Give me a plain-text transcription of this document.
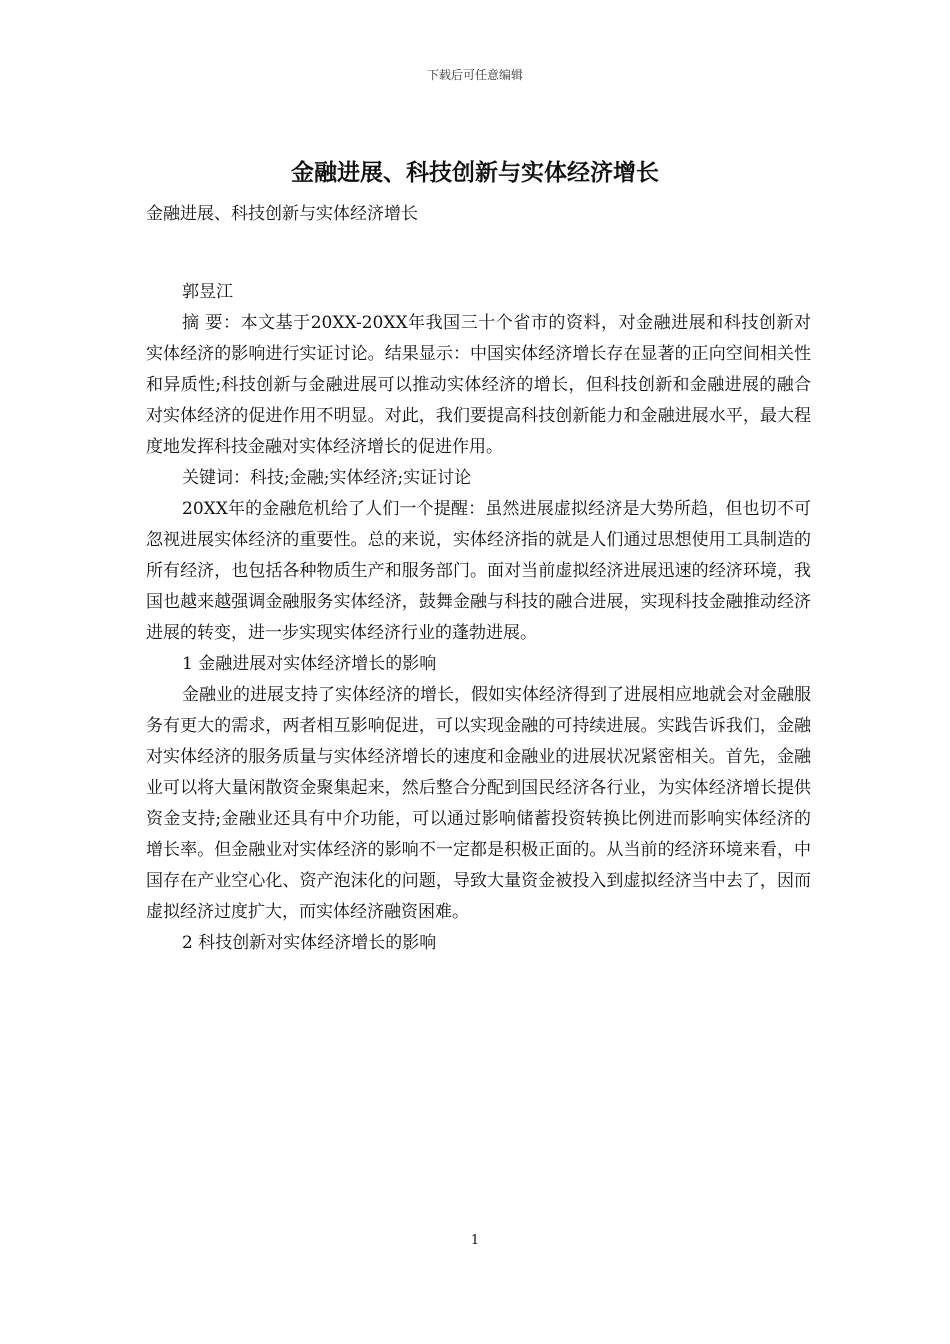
下载后可任意编辑
金融进展、科技创新与实体经济增长

金融进展、科技创新与实体经济增长

郭昱江

摘 要：本文基于20XX-20XX年我国三十个省市的资料，对金融进展和科技创新对实体经济的影响进行实证讨论。结果显示：中国实体经济增长存在显著的正向空间相关性和异质性;科技创新与金融进展可以推动实体经济的增长，但科技创新和金融进展的融合对实体经济的促进作用不明显。对此，我们要提高科技创新能力和金融进展水平，最大程度地发挥科技金融对实体经济增长的促进作用。

关键词：科技;金融;实体经济;实证讨论

20XX年的金融危机给了人们一个提醒：虽然进展虚拟经济是大势所趋，但也切不可忽视进展实体经济的重要性。总的来说，实体经济指的就是人们通过思想使用工具制造的所有经济，也包括各种物质生产和服务部门。面对当前虚拟经济进展迅速的经济环境，我国也越来越强调金融服务实体经济，鼓舞金融与科技的融合进展，实现科技金融推动经济进展的转变，进一步实现实体经济行业的蓬勃进展。

1 金融进展对实体经济增长的影响

金融业的进展支持了实体经济的增长，假如实体经济得到了进展相应地就会对金融服务有更大的需求，两者相互影响促进，可以实现金融的可持续进展。实践告诉我们，金融对实体经济的服务质量与实体经济增长的速度和金融业的进展状况紧密相关。首先，金融业可以将大量闲散资金聚集起来，然后整合分配到国民经济各行业，为实体经济增长提供资金支持;金融业还具有中介功能，可以通过影响储蓄投资转换比例进而影响实体经济的增长率。但金融业对实体经济的影响不一定都是积极正面的。从当前的经济环境来看，中国存在产业空心化、资产泡沫化的问题，导致大量资金被投入到虚拟经济当中去了，因而虚拟经济过度扩大，而实体经济融资困难。

2 科技创新对实体经济增长的影响

1
